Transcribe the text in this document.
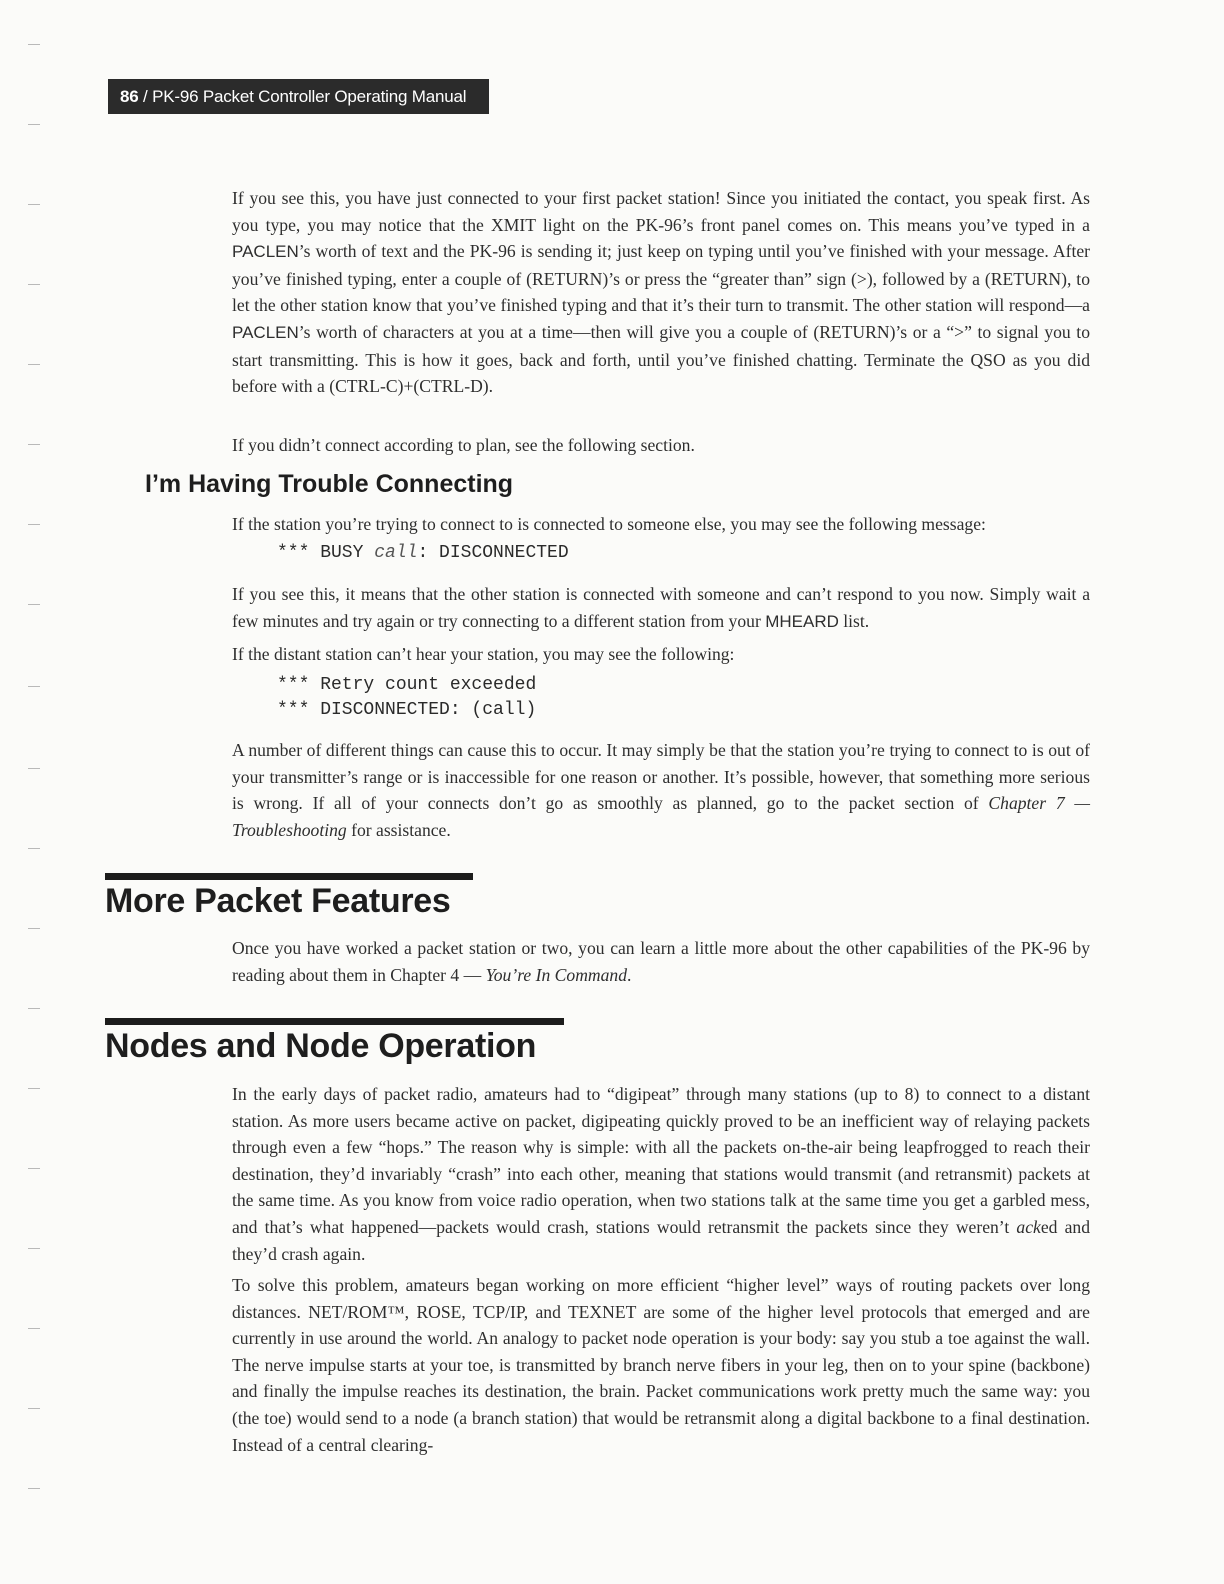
86 / PK-96 Packet Controller Operating Manual

If you see this, you have just connected to your first packet station! Since you initiated the contact, you speak first. As you type, you may notice that the XMIT light on the PK-96’s front panel comes on. This means you’ve typed in a PACLEN’s worth of text and the PK-96 is sending it; just keep on typing until you’ve finished with your message. After you’ve finished typing, enter a couple of (RETURN)’s or press the “greater than” sign (>), followed by a (RETURN), to let the other station know that you’ve finished typing and that it’s their turn to transmit. The other station will respond—a PACLEN’s worth of characters at you at a time—then will give you a couple of (RETURN)’s or a “>” to signal you to start transmitting. This is how it goes, back and forth, until you’ve finished chatting. Terminate the QSO as you did before with a (CTRL-C)+(CTRL-D).

If you didn’t connect according to plan, see the following section.

I’m Having Trouble Connecting

If the station you’re trying to connect to is connected to someone else, you may see the following message:

*** BUSY call: DISCONNECTED

If you see this, it means that the other station is connected with someone and can’t respond to you now. Simply wait a few minutes and try again or try connecting to a different station from your MHEARD list.

If the distant station can’t hear your station, you may see the following:

*** Retry count exceeded
*** DISCONNECTED: (call)

A number of different things can cause this to occur. It may simply be that the station you’re trying to connect to is out of your transmitter’s range or is inaccessible for one reason or another. It’s possible, however, that something more serious is wrong. If all of your connects don’t go as smoothly as planned, go to the packet section of Chapter 7 — Troubleshooting for assistance.

More Packet Features

Once you have worked a packet station or two, you can learn a little more about the other capabilities of the PK-96 by reading about them in Chapter 4 — You’re In Command.

Nodes and Node Operation

In the early days of packet radio, amateurs had to “digipeat” through many stations (up to 8) to connect to a distant station. As more users became active on packet, digipeating quickly proved to be an inefficient way of relaying packets through even a few “hops.” The reason why is simple: with all the packets on-the-air being leapfrogged to reach their destination, they’d invariably “crash” into each other, meaning that stations would transmit (and retransmit) packets at the same time. As you know from voice radio operation, when two stations talk at the same time you get a garbled mess, and that’s what happened—packets would crash, stations would retransmit the packets since they weren’t acked and they’d crash again.

To solve this problem, amateurs began working on more efficient “higher level” ways of routing packets over long distances. NET/ROM™, ROSE, TCP/IP, and TEXNET are some of the higher level protocols that emerged and are currently in use around the world. An analogy to packet node operation is your body: say you stub a toe against the wall. The nerve impulse starts at your toe, is transmitted by branch nerve fibers in your leg, then on to your spine (backbone) and finally the impulse reaches its destination, the brain. Packet communications work pretty much the same way: you (the toe) would send to a node (a branch station) that would be retransmit along a digital backbone to a final destination. Instead of a central clearing-
